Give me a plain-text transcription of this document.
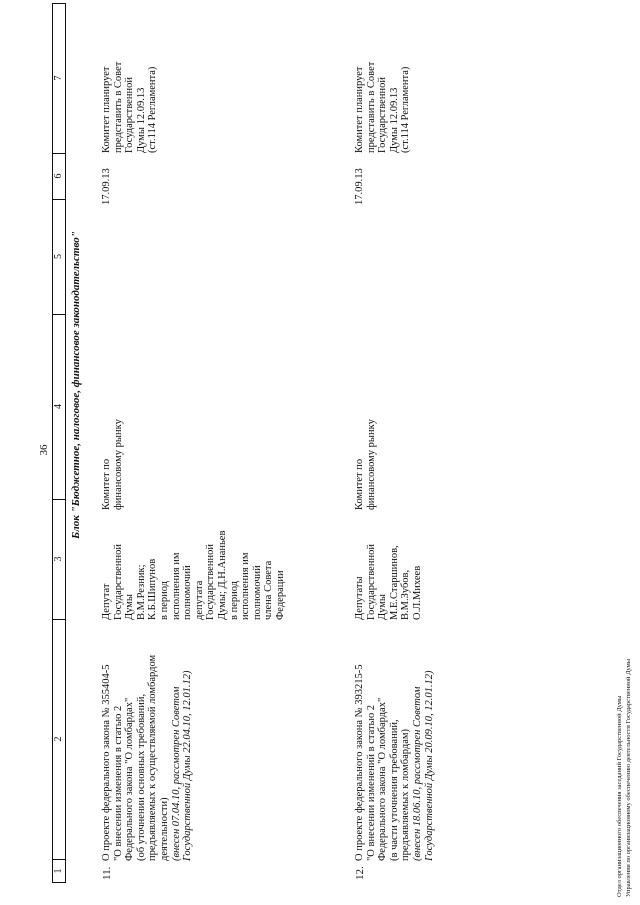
36
1
2
3
4
5
6
7
Блок "Бюджетное, налоговое, финансовое законодательство"
11.
О проекте федерального закона № 355404-5 "О внесении изменения в статью 2 Федерального закона "О ломбардах" (об уточнении основных требований, предъявляемых к осуществляемой ломбардом деятельности) (внесен 07.04.10, рассмотрен Советом Государственной Думы 22.04.10, 12.01.12)
Депутат Государственной Думы В.М.Резник; К.Б.Шипунов в период исполнения им полномочий депутата Государственной Думы; Д.Н.Ананьев в период исполнения им полномочий члена Совета Федерации
Комитет по финансовому рынку
17.09.13
Комитет планирует представить в Совет Государственной Думы 12.09.13 (ст.114 Регламента)
12.
О проекте федерального закона № 393215-5 "О внесении изменений в статью 2 Федерального закона "О ломбардах" (в части уточнения требований, предъявляемых к ломбардам) (внесен 18.06.10, рассмотрен Советом Государственной Думы 20.09.10, 12.01.12)
Депутаты Государственной Думы М.Е.Старшинов, В.М.Зубов, О.Л.Михеев
Комитет по финансовому рынку
17.09.13
Комитет планирует представить в Совет Государственной Думы 12.09.13 (ст.114 Регламента)
Отдел организационного обеспечения заседаний Государственной Думы Управления по организационному обеспечению деятельности Государственной Думы
